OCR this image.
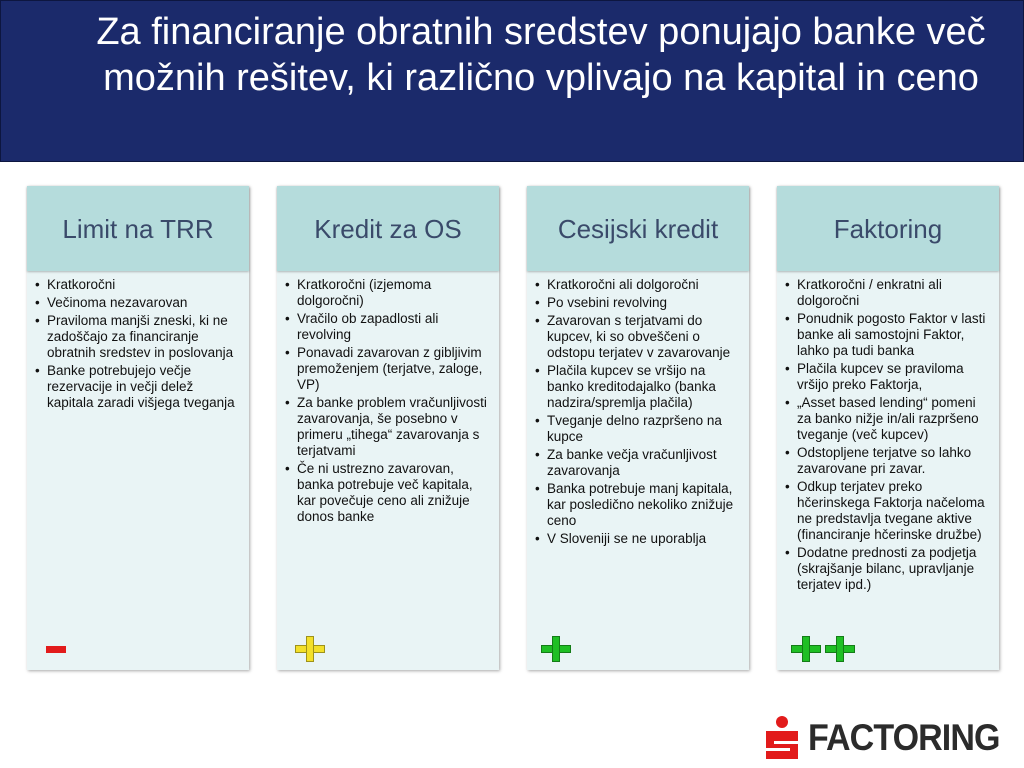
Za financiranje obratnih sredstev ponujajo banke več možnih rešitev, ki različno vplivajo na kapital in ceno
Limit na TRR
• Kratkoročni
• Večinoma nezavarovan
• Praviloma manjši zneski, ki ne zadoščajo za financiranje obratnih sredstev in poslovanja
• Banke potrebujejo večje rezervacije in večji delež kapitala zaradi višjega tveganja
Kredit za OS
• Kratkoročni (izjemoma dolgoročni)
• Vračilo ob zapadlosti ali revolving
• Ponavadi zavarovan z gibljivim premoženjem (terjatve, zaloge, VP)
• Za banke problem vračunljivosti zavarovanja, še posebno v primeru „tihega“ zavarovanja s terjatvami
• Če ni ustrezno zavarovan, banka potrebuje več kapitala, kar povečuje ceno ali znižuje donos banke
Cesijski kredit
• Kratkoročni ali dolgoročni
• Po vsebini revolving
• Zavarovan s terjatvami do kupcev, ki so obveščeni o odstopu terjatev v zavarovanje
• Plačila kupcev se vršijo na banko kreditodajalko (banka nadzira/spremlja plačila)
• Tveganje delno razpršeno na kupce
• Za banke večja vračunljivost zavarovanja
• Banka potrebuje manj kapitala, kar posledično nekoliko znižuje ceno
• V Sloveniji se ne uporablja
Faktoring
• Kratkoročni / enkratni ali dolgoročni
• Ponudnik pogosto Faktor v lasti banke ali samostojni Faktor, lahko pa tudi banka
• Plačila kupcev se praviloma vršijo preko Faktorja,
• „Asset based lending“ pomeni za banko nižje in/ali razpršeno tveganje (več kupcev)
• Odstopljene terjatve so lahko zavarovane pri zavar.
• Odkup terjatev preko hčerinskega Faktorja načeloma ne predstavlja tvegane aktive (financiranje hčerinske družbe)
• Dodatne prednosti za podjetja (skrajšanje bilanc, upravljanje terjatev ipd.)
FACTORING
